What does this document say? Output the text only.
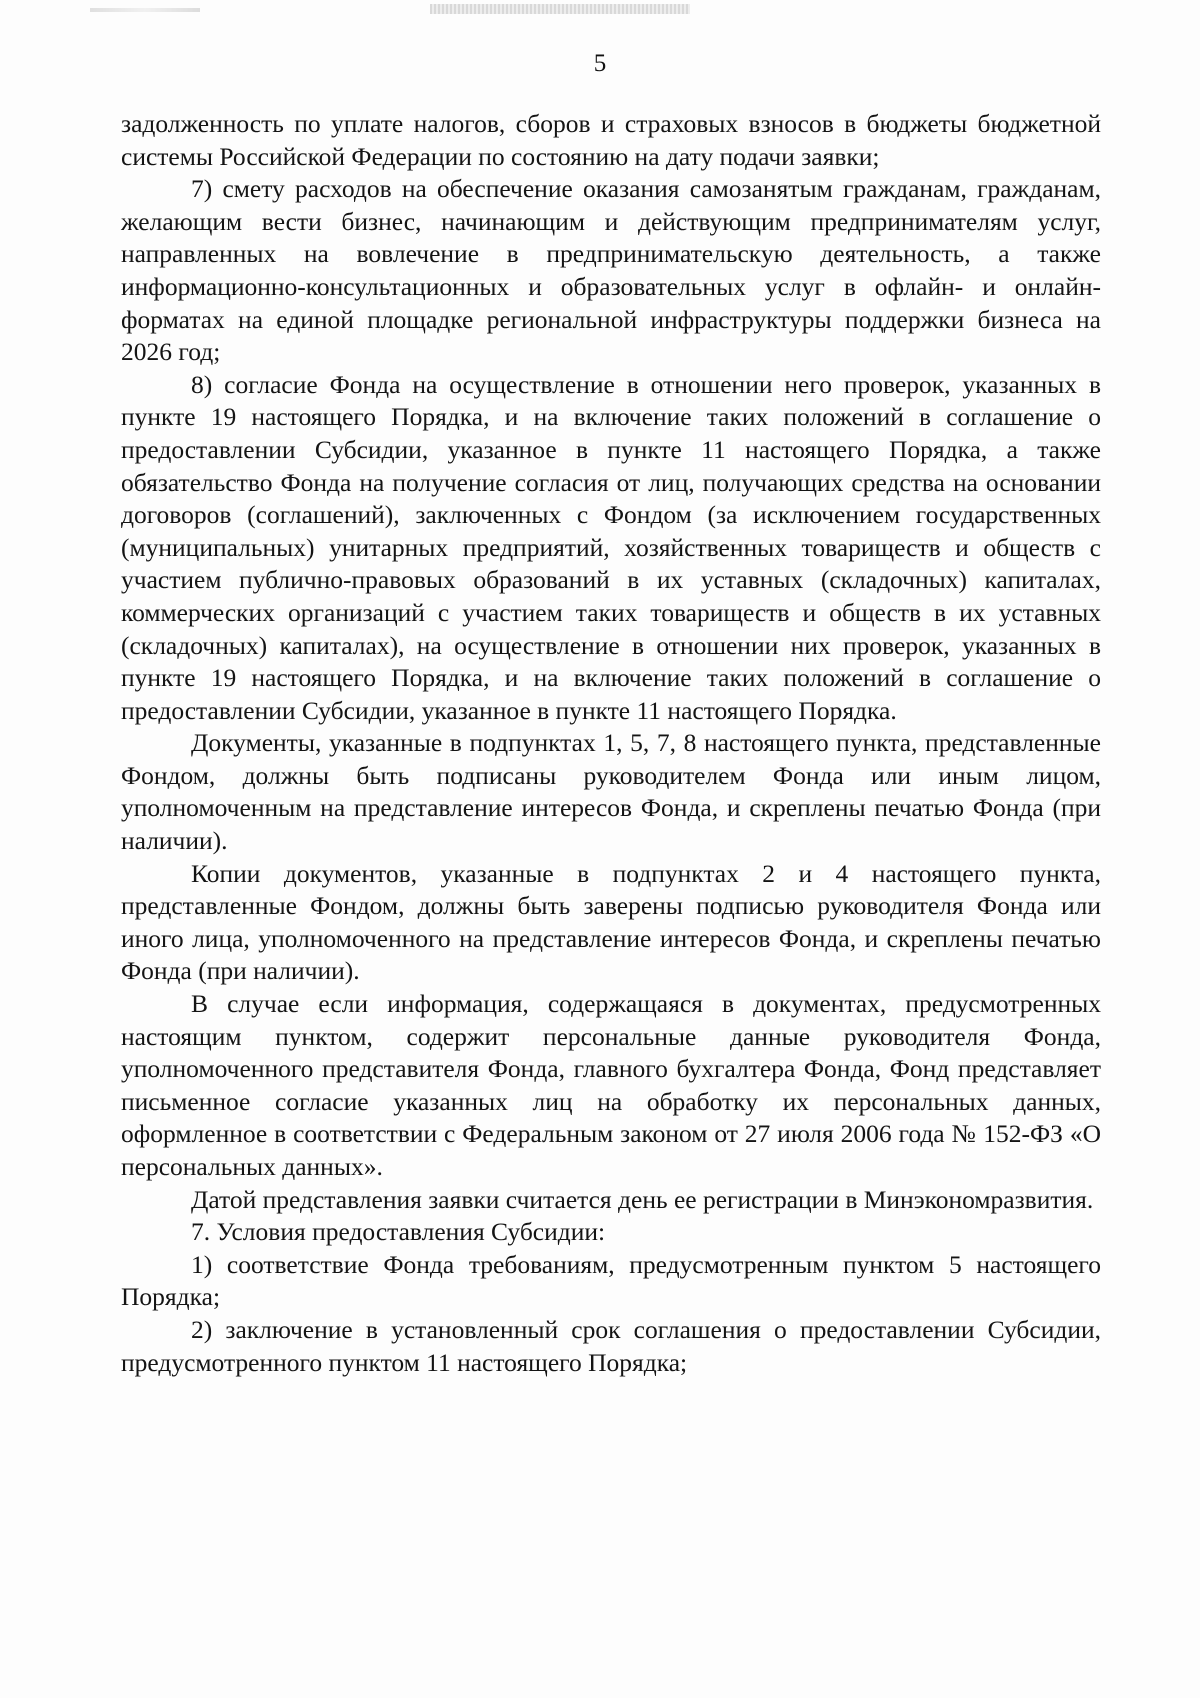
5

задолженность по уплате налогов, сборов и страховых взносов в бюджеты бюджетной системы Российской Федерации по состоянию на дату подачи заявки;

7) смету расходов на обеспечение оказания самозанятым гражданам, гражданам, желающим вести бизнес, начинающим и действующим предпринимателям услуг, направленных на вовлечение в предпринимательскую деятельность, а также информационно-консультационных и образовательных услуг в офлайн- и онлайн-форматах на единой площадке региональной инфраструктуры поддержки бизнеса на 2026 год;

8) согласие Фонда на осуществление в отношении него проверок, указанных в пункте 19 настоящего Порядка, и на включение таких положений в соглашение о предоставлении Субсидии, указанное в пункте 11 настоящего Порядка, а также обязательство Фонда на получение согласия от лиц, получающих средства на основании договоров (соглашений), заключенных с Фондом (за исключением государственных (муниципальных) унитарных предприятий, хозяйственных товариществ и обществ с участием публично-правовых образований в их уставных (складочных) капиталах, коммерческих организаций с участием таких товариществ и обществ в их уставных (складочных) капиталах), на осуществление в отношении них проверок, указанных в пункте 19 настоящего Порядка, и на включение таких положений в соглашение о предоставлении Субсидии, указанное в пункте 11 настоящего Порядка.

Документы, указанные в подпунктах 1, 5, 7, 8 настоящего пункта, представленные Фондом, должны быть подписаны руководителем Фонда или иным лицом, уполномоченным на представление интересов Фонда, и скреплены печатью Фонда (при наличии).

Копии документов, указанные в подпунктах 2 и 4 настоящего пункта, представленные Фондом, должны быть заверены подписью руководителя Фонда или иного лица, уполномоченного на представление интересов Фонда, и скреплены печатью Фонда (при наличии).

В случае если информация, содержащаяся в документах, предусмотренных настоящим пунктом, содержит персональные данные руководителя Фонда, уполномоченного представителя Фонда, главного бухгалтера Фонда, Фонд представляет письменное согласие указанных лиц на обработку их персональных данных, оформленное в соответствии с Федеральным законом от 27 июля 2006 года № 152-ФЗ «О персональных данных».

Датой представления заявки считается день ее регистрации в Минэкономразвития.

7. Условия предоставления Субсидии:

1) соответствие Фонда требованиям, предусмотренным пунктом 5 настоящего Порядка;

2) заключение в установленный срок соглашения о предоставлении Субсидии, предусмотренного пунктом 11 настоящего Порядка;
